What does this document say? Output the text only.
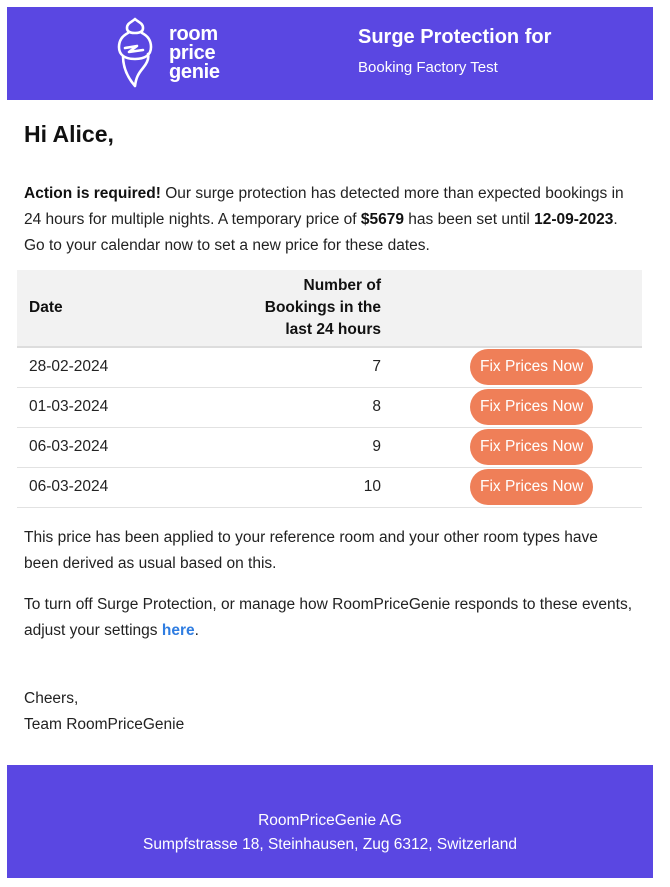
room
price
genie
Surge Protection for
Booking Factory Test
Hi Alice,
Action is required! Our surge protection has detected more than expected bookings in 24 hours for multiple nights. A temporary price of $5679 has been set until 12-09-2023. Go to your calendar now to set a new price for these dates.
Date	Number of Bookings in the last 24 hours	

28-02-2024	7	Fix Prices Now
01-03-2024	8	Fix Prices Now
06-03-2024	9	Fix Prices Now
06-03-2024	10	Fix Prices Now
This price has been applied to your reference room and your other room types have been derived as usual based on this.
To turn off Surge Protection, or manage how RoomPriceGenie responds to these events, adjust your settings here.
Cheers,
Team RoomPriceGenie
RoomPriceGenie AG
Sumpfstrasse 18, Steinhausen, Zug 6312, Switzerland
